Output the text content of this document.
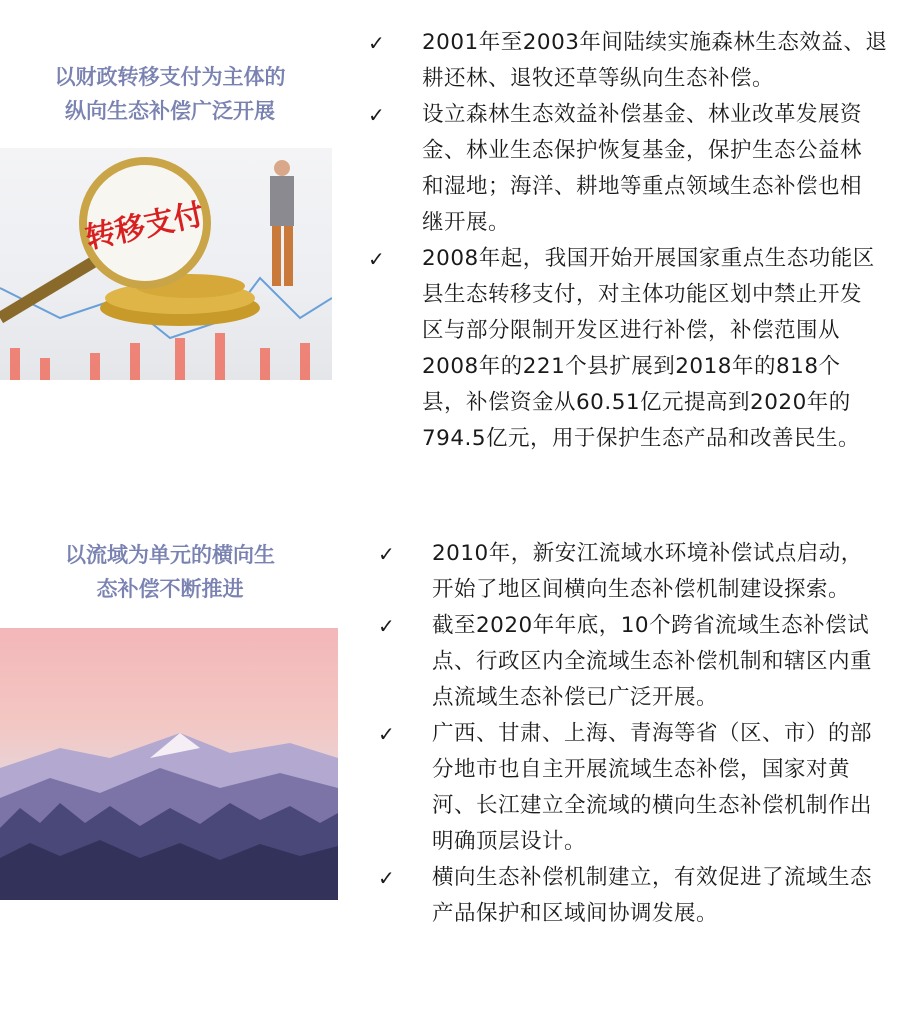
以财政转移支付为主体的
纵向生态补偿广泛开展
转移支付
✓ 2001年至2003年间陆续实施森林生态效益、退耕还林、退牧还草等纵向生态补偿。
✓ 设立森林生态效益补偿基金、林业改革发展资金、林业生态保护恢复基金，保护生态公益林和湿地；海洋、耕地等重点领域生态补偿也相继开展。
✓ 2008年起，我国开始开展国家重点生态功能区县生态转移支付，对主体功能区划中禁止开发区与部分限制开发区进行补偿，补偿范围从2008年的221个县扩展到2018年的818个县，补偿资金从60.51亿元提高到2020年的794.5亿元，用于保护生态产品和改善民生。
以流域为单元的横向生
态补偿不断推进
✓ 2010年，新安江流域水环境补偿试点启动，开始了地区间横向生态补偿机制建设探索。
✓ 截至2020年年底，10个跨省流域生态补偿试点、行政区内全流域生态补偿机制和辖区内重点流域生态补偿已广泛开展。
✓ 广西、甘肃、上海、青海等省（区、市）的部分地市也自主开展流域生态补偿，国家对黄河、长江建立全流域的横向生态补偿机制作出明确顶层设计。
✓ 横向生态补偿机制建立，有效促进了流域生态产品保护和区域间协调发展。
